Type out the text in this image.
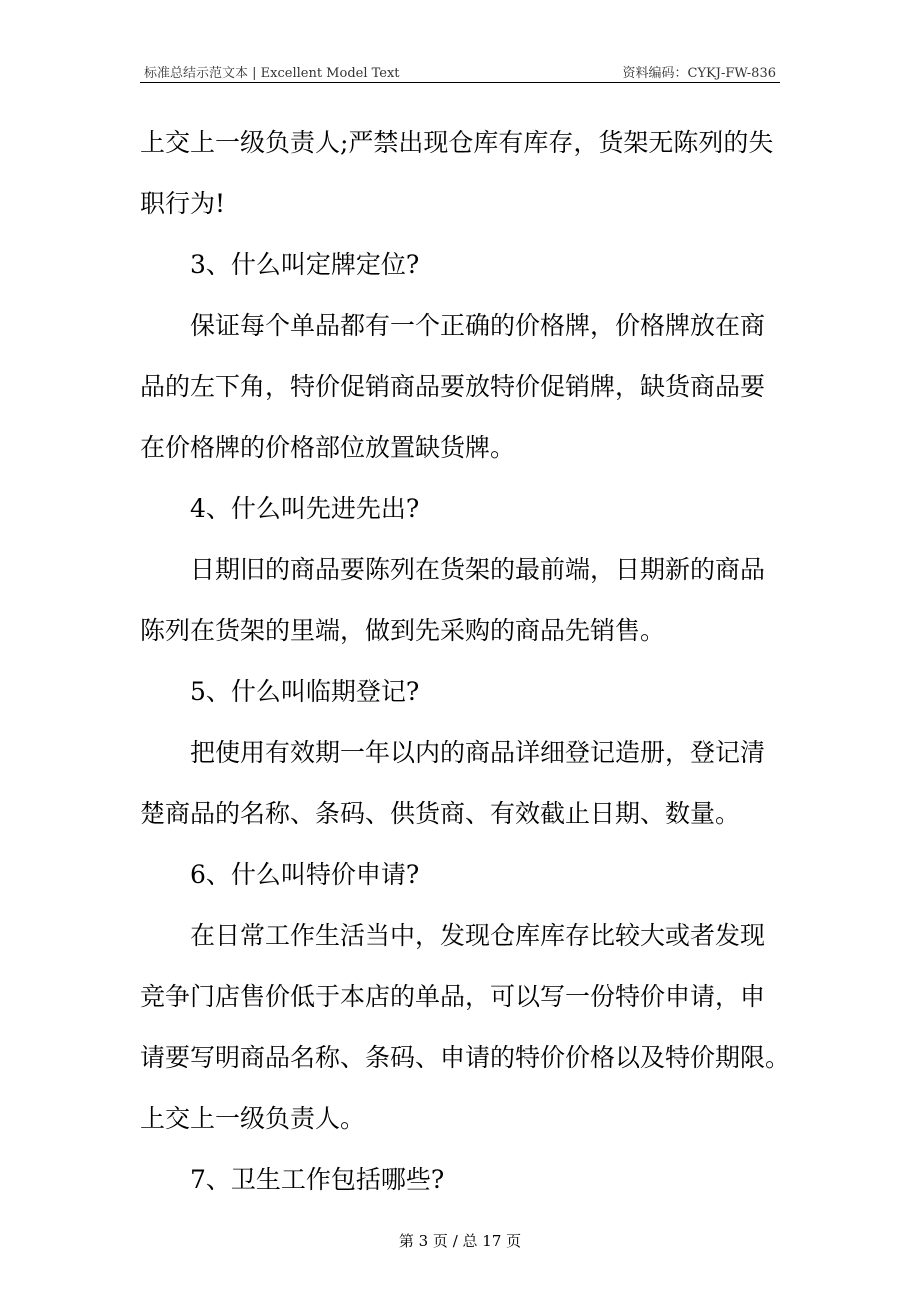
标准总结示范文本 | Excellent Model Text	资料编码：CYKJ-FW-836
上交上一级负责人;严禁出现仓库有库存，货架无陈列的失
职行为!
3、什么叫定牌定位?
保证每个单品都有一个正确的价格牌，价格牌放在商
品的左下角，特价促销商品要放特价促销牌，缺货商品要
在价格牌的价格部位放置缺货牌。
4、什么叫先进先出?
日期旧的商品要陈列在货架的最前端，日期新的商品
陈列在货架的里端，做到先采购的商品先销售。
5、什么叫临期登记?
把使用有效期一年以内的商品详细登记造册，登记清
楚商品的名称、条码、供货商、有效截止日期、数量。
6、什么叫特价申请?
在日常工作生活当中，发现仓库库存比较大或者发现
竞争门店售价低于本店的单品，可以写一份特价申请，申
请要写明商品名称、条码、申请的特价价格以及特价期限。
上交上一级负责人。
7、卫生工作包括哪些?
第 3 页 / 总 17 页
